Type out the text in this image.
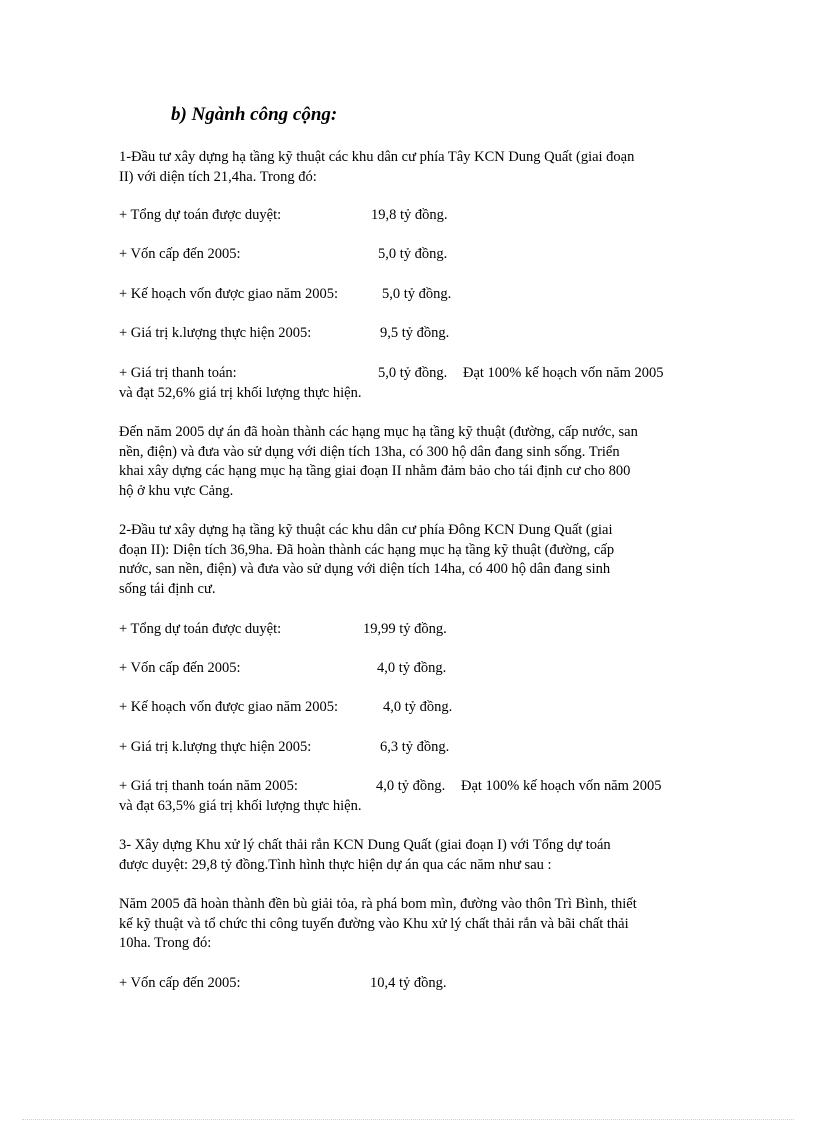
b) Ngành công cộng:
1-Đầu tư xây dựng hạ tầng kỹ thuật các khu dân cư phía Tây KCN Dung Quất (giai đoạn
II) với diện tích 21,4ha. Trong đó:
+ Tổng dự toán được duyệt:	19,8 tỷ đồng.
+ Vốn cấp đến 2005:	5,0 tỷ đồng.
+ Kế hoạch vốn được giao năm 2005:	5,0 tỷ đồng.
+ Giá trị k.lượng thực hiện 2005:	9,5 tỷ đồng.
+ Giá trị thanh toán:	5,0 tỷ đồng. Đạt 100% kế hoạch vốn năm 2005
và đạt 52,6% giá trị khối lượng thực hiện.
Đến năm 2005 dự án đã hoàn thành các hạng mục hạ tầng kỹ thuật (đường, cấp nước, san
nền, điện) và đưa vào sử dụng với diện tích 13ha, có 300 hộ dân đang sinh sống. Triển
khai xây dựng các hạng mục hạ tầng giai đoạn II nhằm đảm bảo cho tái định cư cho 800
hộ ở khu vực Cảng.
2-Đầu tư xây dựng hạ tầng kỹ thuật các khu dân cư phía Đông KCN Dung Quất (giai
đoạn II): Diện tích 36,9ha. Đã hoàn thành các hạng mục hạ tầng kỹ thuật (đường, cấp
nước, san nền, điện) và đưa vào sử dụng với diện tích 14ha, có 400 hộ dân đang sinh
sống tái định cư.
+ Tổng dự toán được duyệt:	19,99 tỷ đồng.
+ Vốn cấp đến 2005:	4,0 tỷ đồng.
+ Kế hoạch vốn được giao năm 2005:	4,0 tỷ đồng.
+ Giá trị k.lượng thực hiện 2005:	6,3 tỷ đồng.
+ Giá trị thanh toán năm 2005:	4,0 tỷ đồng. Đạt 100% kế hoạch vốn năm 2005
và đạt 63,5% giá trị khối lượng thực hiện.
3- Xây dựng Khu xử lý chất thải rắn KCN Dung Quất (giai đoạn I) với Tổng dự toán
được duyệt: 29,8 tỷ đồng.Tình hình thực hiện dự án qua các năm như sau :
Năm 2005 đã hoàn thành đền bù giải tỏa, rà phá bom mìn, đường vào thôn Trì Bình, thiết
kế kỹ thuật và tổ chức thi công tuyến đường vào Khu xử lý chất thải rắn và bãi chất thải
10ha. Trong đó:
+ Vốn cấp đến 2005:	10,4 tỷ đồng.
